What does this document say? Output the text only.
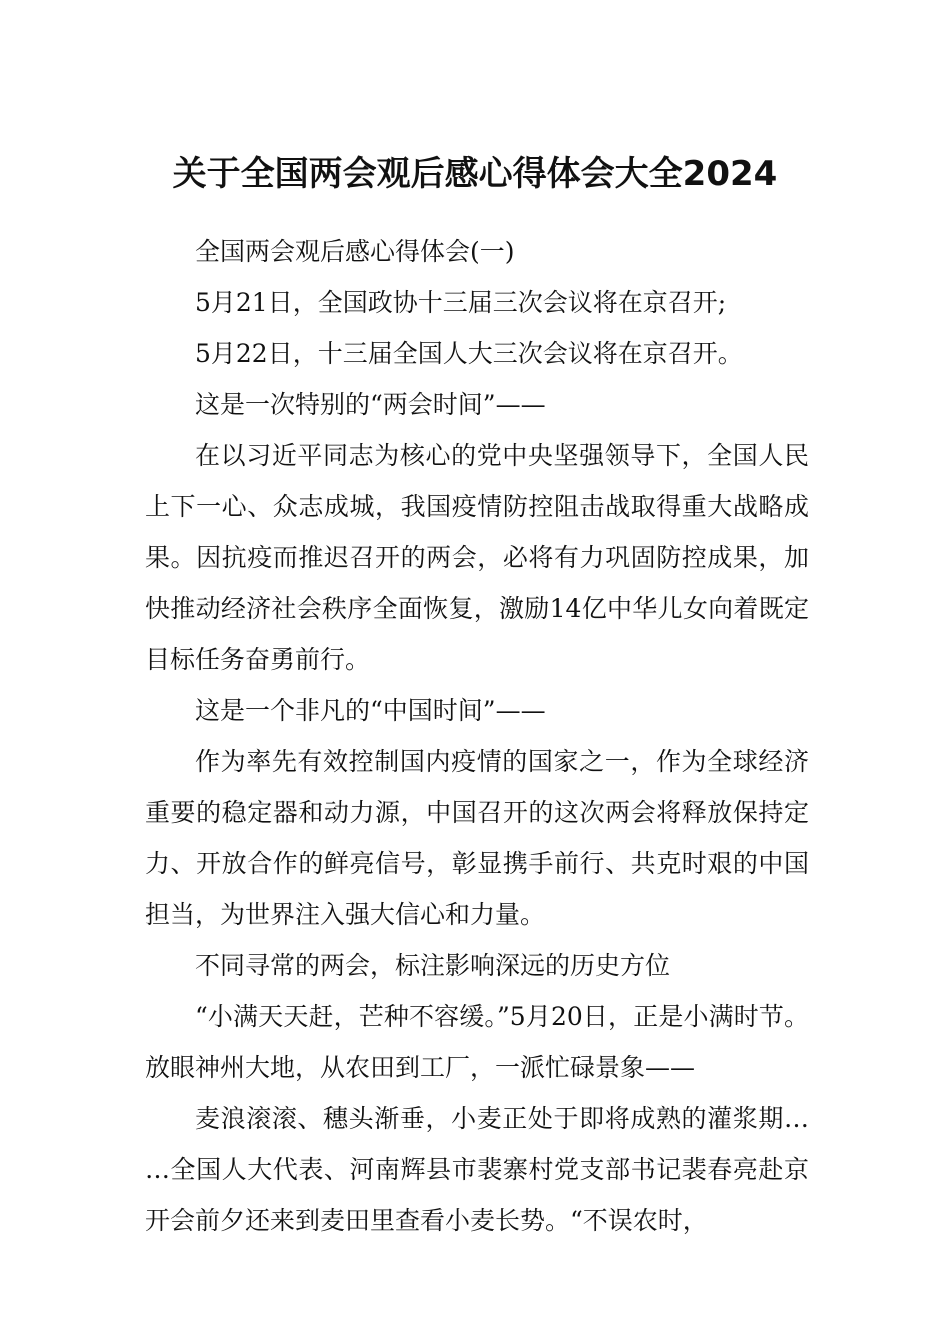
关于全国两会观后感心得体会大全2024

全国两会观后感心得体会(一)

5月21日，全国政协十三届三次会议将在京召开;

5月22日，十三届全国人大三次会议将在京召开。

这是一次特别的“两会时间”——

在以习近平同志为核心的党中央坚强领导下，全国人民上下一心、众志成城，我国疫情防控阻击战取得重大战略成果。因抗疫而推迟召开的两会，必将有力巩固防控成果，加快推动经济社会秩序全面恢复，激励14亿中华儿女向着既定目标任务奋勇前行。

这是一个非凡的“中国时间”——

作为率先有效控制国内疫情的国家之一，作为全球经济重要的稳定器和动力源，中国召开的这次两会将释放保持定力、开放合作的鲜亮信号，彰显携手前行、共克时艰的中国担当，为世界注入强大信心和力量。

不同寻常的两会，标注影响深远的历史方位

“小满天天赶，芒种不容缓。”5月20日，正是小满时节。放眼神州大地，从农田到工厂，一派忙碌景象——

麦浪滚滚、穗头渐垂，小麦正处于即将成熟的灌浆期……全国人大代表、河南辉县市裴寨村党支部书记裴春亮赴京开会前夕还来到麦田里查看小麦长势。“不误农时，
